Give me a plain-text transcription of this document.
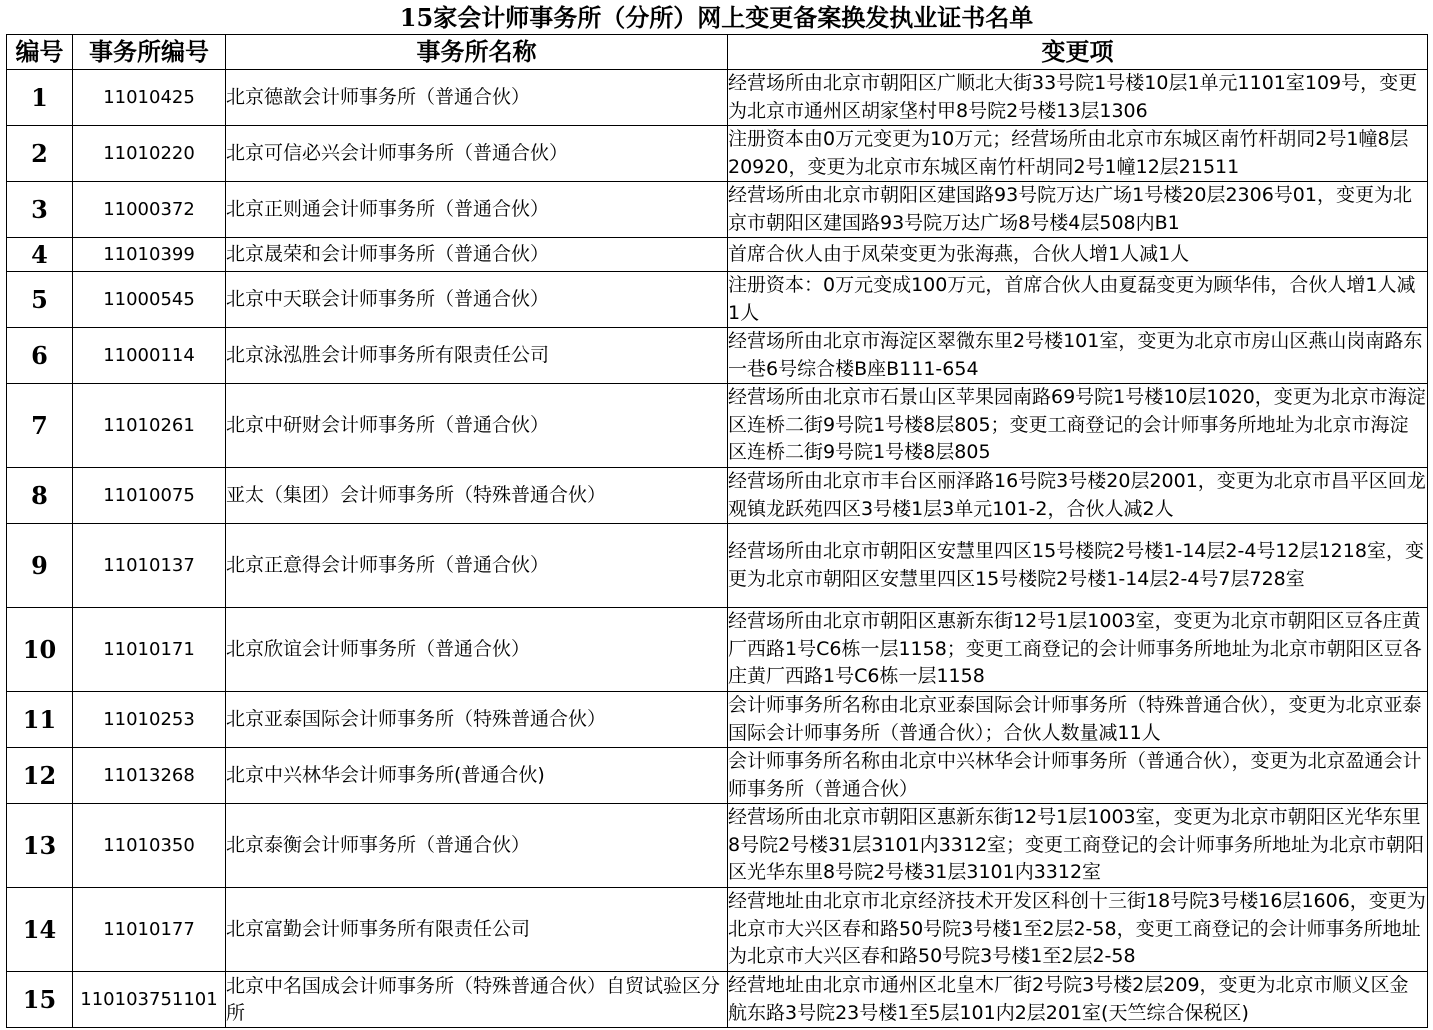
15家会计师事务所（分所）网上变更备案换发执业证书名单
编号	事务所编号	事务所名称	变更项
1	11010425	北京德歆会计师事务所（普通合伙）	经营场所由北京市朝阳区广顺北大街33号院1号楼10层1单元1101室109号，变更为北京市通州区胡家垡村甲8号院2号楼13层1306
2	11010220	北京可信必兴会计师事务所（普通合伙）	注册资本由0万元变更为10万元；经营场所由北京市东城区南竹杆胡同2号1幢8层20920，变更为北京市东城区南竹杆胡同2号1幢12层21511
3	11000372	北京正则通会计师事务所（普通合伙）	经营场所由北京市朝阳区建国路93号院万达广场1号楼20层2306号01，变更为北京市朝阳区建国路93号院万达广场8号楼4层508内B1
4	11010399	北京晟荣和会计师事务所（普通合伙）	首席合伙人由于凤荣变更为张海燕，合伙人增1人减1人
5	11000545	北京中天联会计师事务所（普通合伙）	注册资本：0万元变成100万元，首席合伙人由夏磊变更为顾华伟，合伙人增1人减1人
6	11000114	北京泳泓胜会计师事务所有限责任公司	经营场所由北京市海淀区翠微东里2号楼101室，变更为北京市房山区燕山岗南路东一巷6号综合楼B座B111-654
7	11010261	北京中研财会计师事务所（普通合伙）	经营场所由北京市石景山区苹果园南路69号院1号楼10层1020，变更为北京市海淀区连桥二街9号院1号楼8层805；变更工商登记的会计师事务所地址为北京市海淀区连桥二街9号院1号楼8层805
8	11010075	亚太（集团）会计师事务所（特殊普通合伙）	经营场所由北京市丰台区丽泽路16号院3号楼20层2001，变更为北京市昌平区回龙观镇龙跃苑四区3号楼1层3单元101-2，合伙人减2人
9	11010137	北京正意得会计师事务所（普通合伙）	经营场所由北京市朝阳区安慧里四区15号楼院2号楼1-14层2-4号12层1218室，变更为北京市朝阳区安慧里四区15号楼院2号楼1-14层2-4号7层728室
10	11010171	北京欣谊会计师事务所（普通合伙）	经营场所由北京市朝阳区惠新东街12号1层1003室，变更为北京市朝阳区豆各庄黄厂西路1号C6栋一层1158；变更工商登记的会计师事务所地址为北京市朝阳区豆各庄黄厂西路1号C6栋一层1158
11	11010253	北京亚泰国际会计师事务所（特殊普通合伙）	会计师事务所名称由北京亚泰国际会计师事务所（特殊普通合伙），变更为北京亚泰国际会计师事务所（普通合伙）；合伙人数量减11人
12	11013268	北京中兴林华会计师事务所(普通合伙)	会计师事务所名称由北京中兴林华会计师事务所（普通合伙），变更为北京盈通会计师事务所（普通合伙）
13	11010350	北京泰衡会计师事务所（普通合伙）	经营场所由北京市朝阳区惠新东街12号1层1003室，变更为北京市朝阳区光华东里8号院2号楼31层3101内3312室；变更工商登记的会计师事务所地址为北京市朝阳区光华东里8号院2号楼31层3101内3312室
14	11010177	北京富勤会计师事务所有限责任公司	经营地址由北京市北京经济技术开发区科创十三街18号院3号楼16层1606，变更为北京市大兴区春和路50号院3号楼1至2层2-58，变更工商登记的会计师事务所地址为北京市大兴区春和路50号院3号楼1至2层2-58
15	110103751101	北京中名国成会计师事务所（特殊普通合伙）自贸试验区分所	经营地址由北京市通州区北皇木厂街2号院3号楼2层209，变更为北京市顺义区金航东路3号院23号楼1至5层101内2层201室(天竺综合保税区)
